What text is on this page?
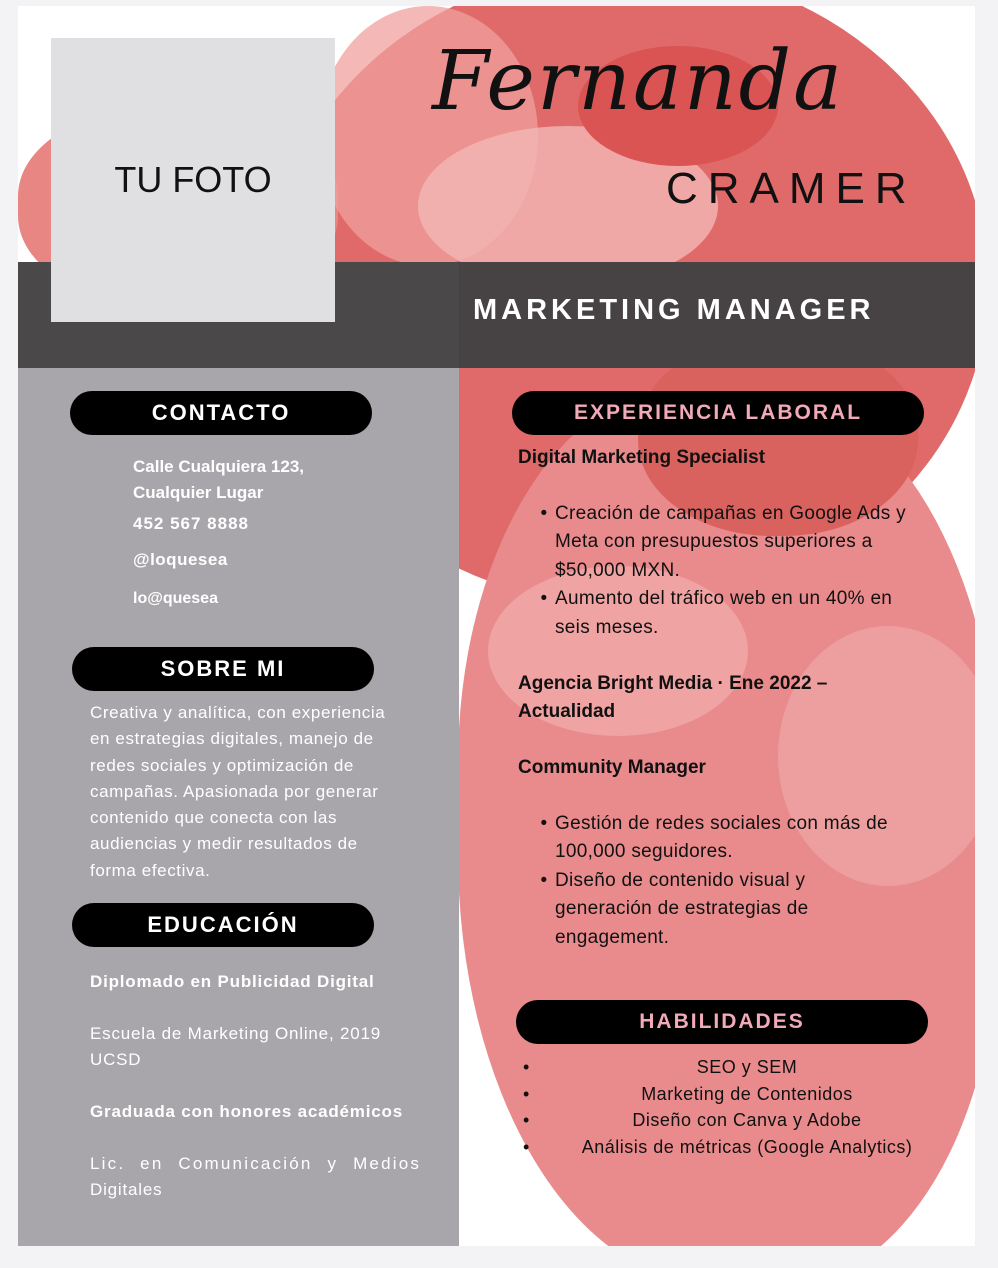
TU FOTO
Fernanda
CRAMER
MARKETING MANAGER
CONTACTO
Calle Cualquiera 123,
Cualquier Lugar
452 567 8888
@loquesea
lo@quesea
SOBRE MI
Creativa y analítica, con experiencia
en estrategias digitales, manejo de
redes sociales y optimización de
campañas. Apasionada por generar
contenido que conecta con las
audiencias y medir resultados de
forma efectiva.
EDUCACIÓN
Diplomado en Publicidad Digital
Escuela de Marketing Online, 2019
UCSD
Graduada con honores académicos
Lic. en Comunicación y Medios
Digitales
EXPERIENCIA LABORAL
Digital Marketing Specialist
• Creación de campañas en Google Ads y
Meta con presupuestos superiores a
$50,000 MXN.
• Aumento del tráfico web en un 40% en
seis meses.
Agencia Bright Media · Ene 2022 –
Actualidad
Community Manager
• Gestión de redes sociales con más de
100,000 seguidores.
• Diseño de contenido visual y
generación de estrategias de
engagement.
HABILIDADES
•	SEO y SEM
•	Marketing de Contenidos
•	Diseño con Canva y Adobe
•	Análisis de métricas (Google Analytics)
